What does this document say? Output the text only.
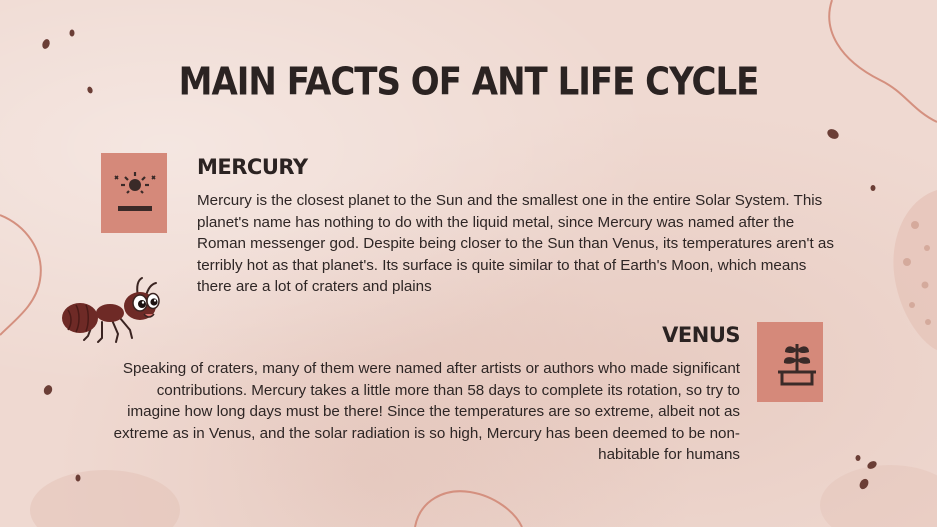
MAIN FACTS OF ANT LIFE CYCLE
MERCURY

Mercury is the closest planet to the Sun and the smallest one in the entire Solar System. This planet's name has nothing to do with the liquid metal, since Mercury was named after the Roman messenger god. Despite being closer to the Sun than Venus, its temperatures aren't as terribly hot as that planet's. Its surface is quite similar to that of Earth's Moon, which means there are a lot of craters and plains

VENUS

Speaking of craters, many of them were named after artists or authors who made significant contributions. Mercury takes a little more than 58 days to complete its rotation, so try to imagine how long days must be there! Since the temperatures are so extreme, albeit not as extreme as in Venus, and the solar radiation is so high, Mercury has been deemed to be non-habitable for humans
